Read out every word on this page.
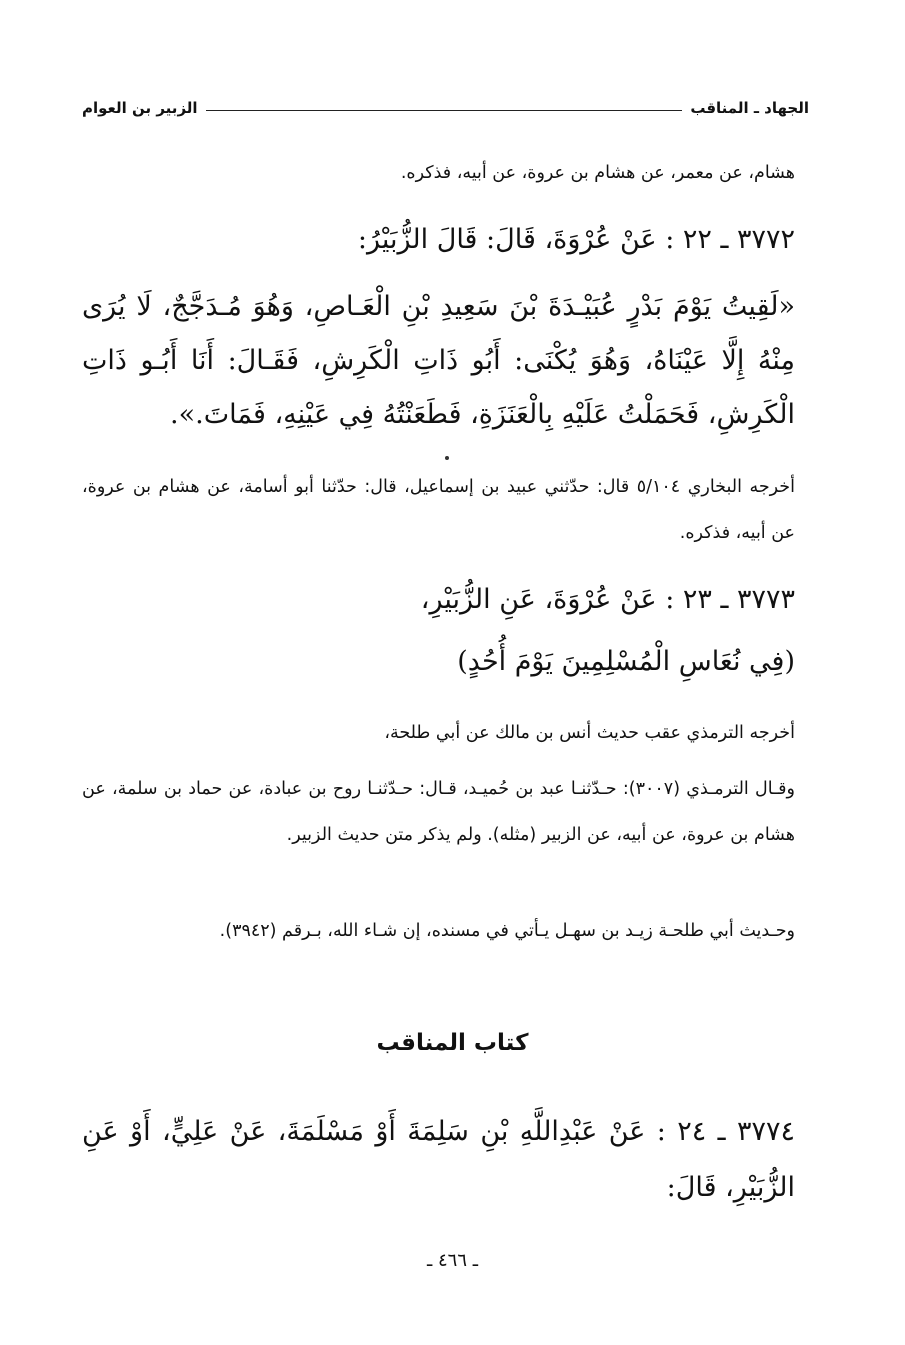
الجهاد ـ المناقب
الزبير بن العوام
هشام، عن معمر، عن هشام بن عروة، عن أبيه، فذكره.
٣٧٧٢ ـ ٢٢ : عَنْ عُرْوَةَ، قَالَ: قَالَ الزُّبَيْرُ:
«لَقِيتُ يَوْمَ بَدْرٍ عُبَيْـدَةَ بْنَ سَعِيدِ بْنِ الْعَـاصِ، وَهُوَ مُـدَجَّجٌ، لَا يُرَى مِنْهُ إِلَّا عَيْنَاهُ، وَهُوَ يُكْنَى: أَبُو ذَاتِ الْكَرِشِ، فَقَـالَ: أَنَا أَبُـو ذَاتِ الْكَرِشِ، فَحَمَلْتُ عَلَيْهِ بِالْعَنَزَةِ، فَطَعَنْتُهُ فِي عَيْنِهِ، فَمَاتَ.».
أخرجه البخاري ٥/١٠٤ قال: حدّثني عبيد بن إسماعيل، قال: حدّثنا أبو أسامة، عن هشام بن عروة، عن أبيه، فذكره.
٣٧٧٣ ـ ٢٣ : عَنْ عُرْوَةَ، عَنِ الزُّبَيْرِ،
(فِي نُعَاسِ الْمُسْلِمِينَ يَوْمَ أُحُدٍ)
أخرجه الترمذي عقب حديث أنس بن مالك عن أبي طلحة،
وقـال الترمـذي (٣٠٠٧): حـدّثنـا عبد بن حُميـد، قـال: حـدّثنـا روح بن عبادة، عن حماد بن سلمة، عن هشام بن عروة، عن أبيه، عن الزبير (مثله). ولم يذكر متن حديث الزبير.
وحـديث أبي طلحـة زيـد بن سهـل يـأتي في مسنده، إن شـاء الله، بـرقم (٣٩٤٢).
كتاب المناقب
٣٧٧٤ ـ ٢٤ : عَنْ عَبْدِاللَّهِ بْنِ سَلِمَةَ أَوْ مَسْلَمَةَ، عَنْ عَلِيٍّ، أَوْ عَنِ الزُّبَيْرِ، قَالَ:
ـ ٤٦٦ ـ
